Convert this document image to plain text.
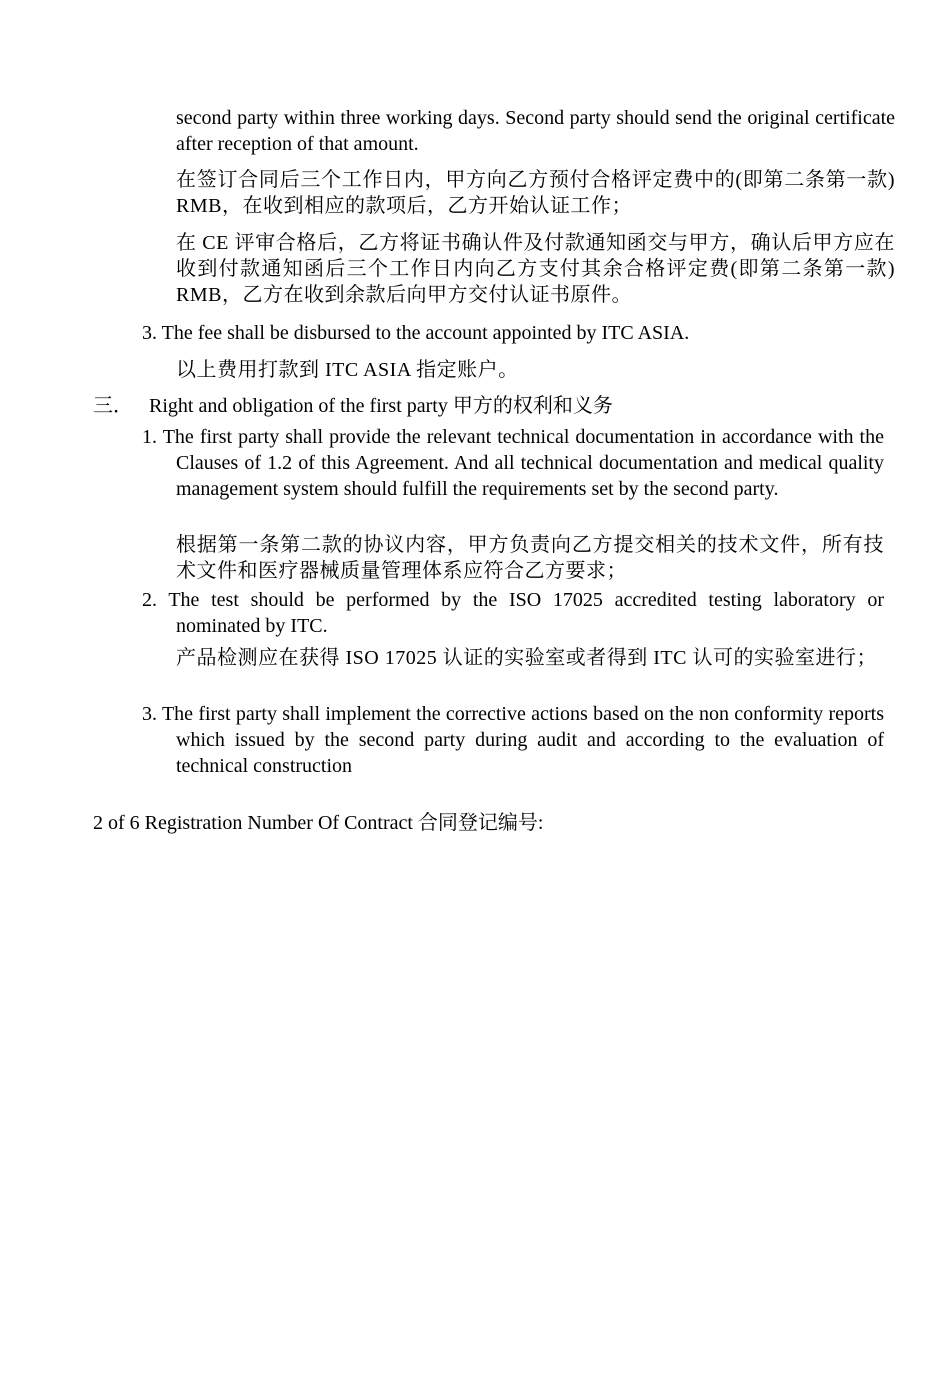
second party within three working days. Second party should send the original certificate after reception of that amount.

在签订合同后三个工作日内，甲方向乙方预付合格评定费中的(即第二条第一款) RMB，在收到相应的款项后，乙方开始认证工作；

在 CE 评审合格后，乙方将证书确认件及付款通知函交与甲方，确认后甲方应在收到付款通知函后三个工作日内向乙方支付其余合格评定费(即第二条第一款) RMB，乙方在收到余款后向甲方交付认证书原件。

3. The fee shall be disbursed to the account appointed by ITC ASIA.

以上费用打款到 ITC ASIA 指定账户。

三． Right and obligation of the first party 甲方的权利和义务

1. The first party shall provide the relevant technical documentation in accordance with the Clauses of 1.2 of this Agreement. And all technical documentation and medical quality management system should fulfill the requirements set by the second party.

根据第一条第二款的协议内容，甲方负责向乙方提交相关的技术文件，所有技术文件和医疗器械质量管理体系应符合乙方要求；

2. The test should be performed by the ISO 17025 accredited testing laboratory or nominated by ITC.

产品检测应在获得 ISO 17025 认证的实验室或者得到 ITC 认可的实验室进行；

3. The first party shall implement the corrective actions based on the non conformity reports which issued by the second party during audit and according to the evaluation of technical construction

2 of 6 Registration Number Of Contract 合同登记编号:
